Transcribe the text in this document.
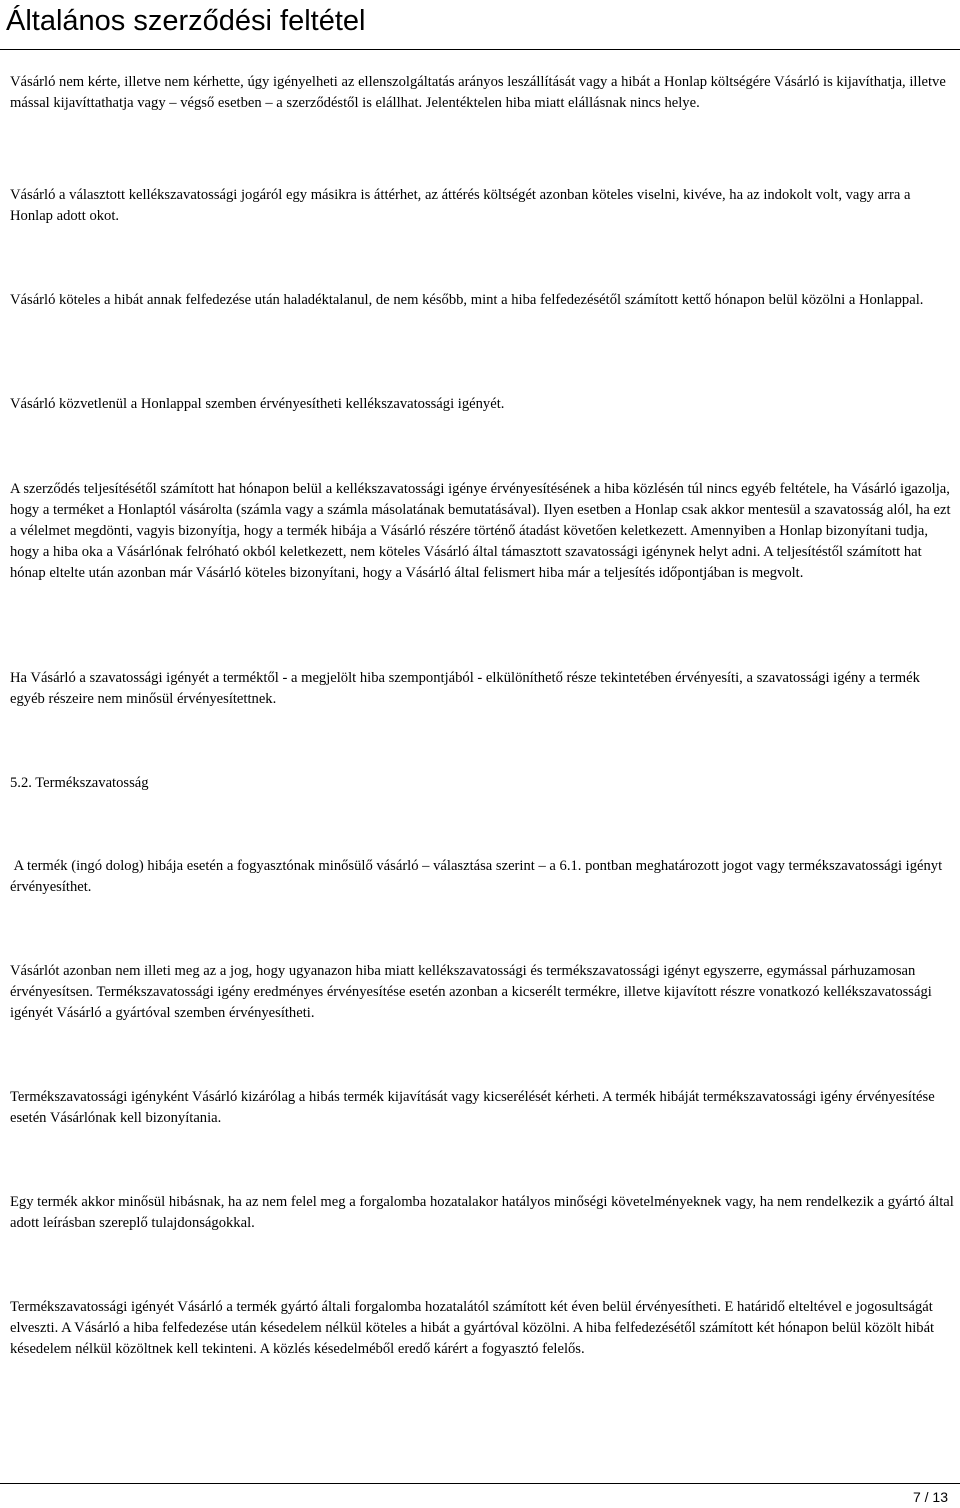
Általános szerződési feltétel

Vásárló nem kérte, illetve nem kérhette, úgy igényelheti az ellenszolgáltatás arányos leszállítását vagy a hibát a Honlap költségére Vásárló is kijavíthatja, illetve mással kijavíttathatja vagy – végső esetben – a szerződéstől is elállhat. Jelentéktelen hiba miatt elállásnak nincs helye.

Vásárló a választott kellékszavatossági jogáról egy másikra is áttérhet, az áttérés költségét azonban köteles viselni, kivéve, ha az indokolt volt, vagy arra a Honlap adott okot.

Vásárló köteles a hibát annak felfedezése után haladéktalanul, de nem később, mint a hiba felfedezésétől számított kettő hónapon belül közölni a Honlappal.

Vásárló közvetlenül a Honlappal szemben érvényesítheti kellékszavatossági igényét.

A szerződés teljesítésétől számított hat hónapon belül a kellékszavatossági igénye érvényesítésének a hiba közlésén túl nincs egyéb feltétele, ha Vásárló igazolja, hogy a terméket a Honlaptól vásárolta (számla vagy a számla másolatának bemutatásával). Ilyen esetben a Honlap csak akkor mentesül a szavatosság alól, ha ezt a vélelmet megdönti, vagyis bizonyítja, hogy a termék hibája a Vásárló részére történő átadást követően keletkezett. Amennyiben a Honlap bizonyítani tudja, hogy a hiba oka a Vásárlónak felróható okból keletkezett, nem köteles Vásárló által támasztott szavatossági igénynek helyt adni. A teljesítéstől számított hat hónap eltelte után azonban már Vásárló köteles bizonyítani, hogy a Vásárló által felismert hiba már a teljesítés időpontjában is megvolt.

Ha Vásárló a szavatossági igényét a terméktől - a megjelölt hiba szempontjából - elkülöníthető része tekintetében érvényesíti, a szavatossági igény a termék egyéb részeire nem minősül érvényesítettnek.

5.2. Termékszavatosság

A termék (ingó dolog) hibája esetén a fogyasztónak minősülő vásárló – választása szerint – a 6.1. pontban meghatározott jogot vagy termékszavatossági igényt érvényesíthet.

Vásárlót azonban nem illeti meg az a jog, hogy ugyanazon hiba miatt kellékszavatossági és termékszavatossági igényt egyszerre, egymással párhuzamosan érvényesítsen. Termékszavatossági igény eredményes érvényesítése esetén azonban a kicserélt termékre, illetve kijavított részre vonatkozó kellékszavatossági igényét Vásárló a gyártóval szemben érvényesítheti.

Termékszavatossági igényként Vásárló kizárólag a hibás termék kijavítását vagy kicserélését kérheti. A termék hibáját termékszavatossági igény érvényesítése esetén Vásárlónak kell bizonyítania.

Egy termék akkor minősül hibásnak, ha az nem felel meg a forgalomba hozatalakor hatályos minőségi követelményeknek vagy, ha nem rendelkezik a gyártó által adott leírásban szereplő tulajdonságokkal.

Termékszavatossági igényét Vásárló a termék gyártó általi forgalomba hozatalától számított két éven belül érvényesítheti. E határidő elteltével e jogosultságát elveszti. A Vásárló a hiba felfedezése után késedelem nélkül köteles a hibát a gyártóval közölni. A hiba felfedezésétől számított két hónapon belül közölt hibát késedelem nélkül közöltnek kell tekinteni. A közlés késedelméből eredő kárért a fogyasztó felelős.

7 / 13
